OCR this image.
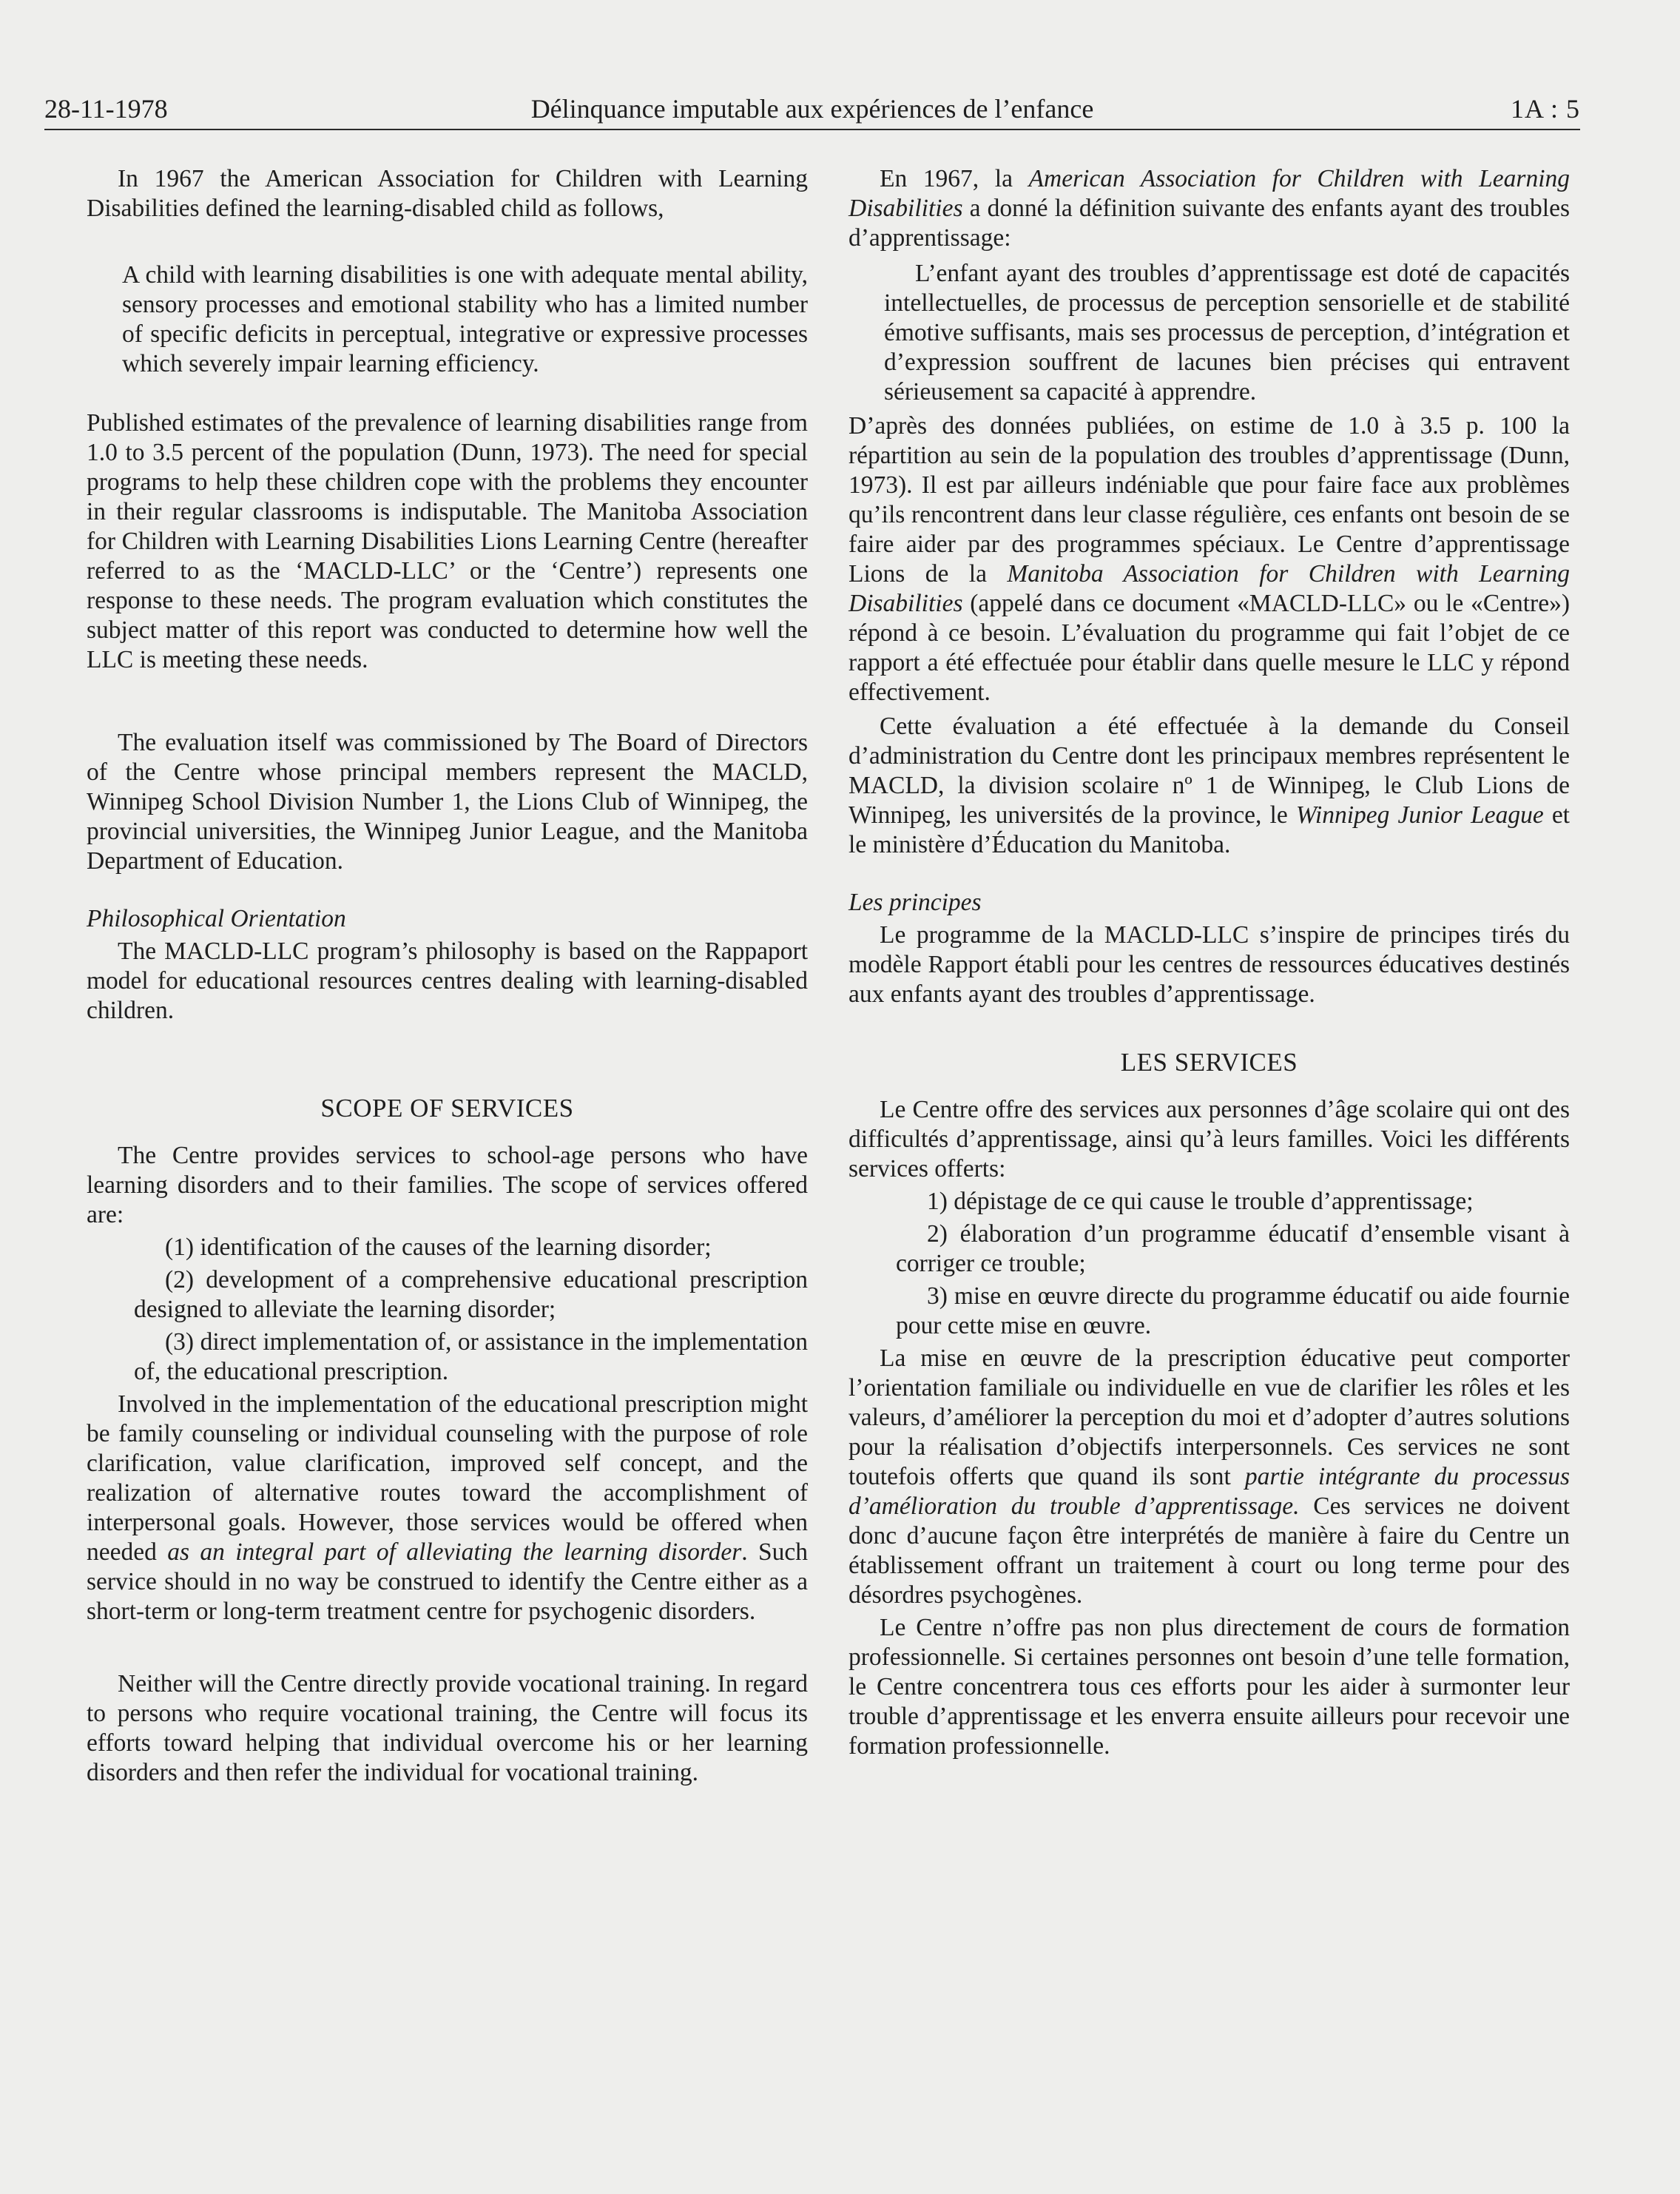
Délinquance imputable aux expériences de l’enfance
28-11-1978	1A : 5

In 1967 the American Association for Children with Learning Disabilities defined the learning-disabled child as follows,

A child with learning disabilities is one with adequate mental ability, sensory processes and emotional stability who has a limited number of specific deficits in perceptual, integrative or expressive processes which severely impair learning efficiency.

Published estimates of the prevalence of learning disabilities range from 1.0 to 3.5 percent of the population (Dunn, 1973). The need for special programs to help these children cope with the problems they encounter in their regular classrooms is indisputable. The Manitoba Association for Children with Learning Disabilities Lions Learning Centre (hereafter referred to as the ‘MACLD-LLC’ or the ‘Centre’) represents one response to these needs. The program evaluation which constitutes the subject matter of this report was conducted to determine how well the LLC is meeting these needs.

The evaluation itself was commissioned by The Board of Directors of the Centre whose principal members represent the MACLD, Winnipeg School Division Number 1, the Lions Club of Winnipeg, the provincial universities, the Winnipeg Junior League, and the Manitoba Department of Education.

Philosophical Orientation

The MACLD-LLC program’s philosophy is based on the Rappaport model for educational resources centres dealing with learning-disabled children.

SCOPE OF SERVICES

The Centre provides services to school-age persons who have learning disorders and to their families. The scope of services offered are:

(1) identification of the causes of the learning disorder;

(2) development of a comprehensive educational prescription designed to alleviate the learning disorder;

(3) direct implementation of, or assistance in the implementation of, the educational prescription.

Involved in the implementation of the educational prescription might be family counseling or individual counseling with the purpose of role clarification, value clarification, improved self concept, and the realization of alternative routes toward the accomplishment of interpersonal goals. However, those services would be offered when needed as an integral part of alleviating the learning disorder. Such service should in no way be construed to identify the Centre either as a short-term or long-term treatment centre for psychogenic disorders.

Neither will the Centre directly provide vocational training. In regard to persons who require vocational training, the Centre will focus its efforts toward helping that individual overcome his or her learning disorders and then refer the individual for vocational training.

En 1967, la American Association for Children with Learning Disabilities a donné la définition suivante des enfants ayant des troubles d’apprentissage:

L’enfant ayant des troubles d’apprentissage est doté de capacités intellectuelles, de processus de perception sensorielle et de stabilité émotive suffisants, mais ses processus de perception, d’intégration et d’expression souffrent de lacunes bien précises qui entravent sérieusement sa capacité à apprendre.

D’après des données publiées, on estime de 1.0 à 3.5 p. 100 la répartition au sein de la population des troubles d’apprentissage (Dunn, 1973). Il est par ailleurs indéniable que pour faire face aux problèmes qu’ils rencontrent dans leur classe régulière, ces enfants ont besoin de se faire aider par des programmes spéciaux. Le Centre d’apprentissage Lions de la Manitoba Association for Children with Learning Disabilities (appelé dans ce document «MACLD-LLC» ou le «Centre») répond à ce besoin. L’évaluation du programme qui fait l’objet de ce rapport a été effectuée pour établir dans quelle mesure le LLC y répond effectivement.

Cette évaluation a été effectuée à la demande du Conseil d’administration du Centre dont les principaux membres représentent le MACLD, la division scolaire nº 1 de Winnipeg, le Club Lions de Winnipeg, les universités de la province, le Winnipeg Junior League et le ministère d’Éducation du Manitoba.

Les principes

Le programme de la MACLD-LLC s’inspire de principes tirés du modèle Rapport établi pour les centres de ressources éducatives destinés aux enfants ayant des troubles d’apprentissage.

LES SERVICES

Le Centre offre des services aux personnes d’âge scolaire qui ont des difficultés d’apprentissage, ainsi qu’à leurs familles. Voici les différents services offerts:

1) dépistage de ce qui cause le trouble d’apprentissage;

2) élaboration d’un programme éducatif d’ensemble visant à corriger ce trouble;

3) mise en œuvre directe du programme éducatif ou aide fournie pour cette mise en œuvre.

La mise en œuvre de la prescription éducative peut comporter l’orientation familiale ou individuelle en vue de clarifier les rôles et les valeurs, d’améliorer la perception du moi et d’adopter d’autres solutions pour la réalisation d’objectifs interpersonnels. Ces services ne sont toutefois offerts que quand ils sont partie intégrante du processus d’amélioration du trouble d’apprentissage. Ces services ne doivent donc d’aucune façon être interprétés de manière à faire du Centre un établissement offrant un traitement à court ou long terme pour des désordres psychogènes.

Le Centre n’offre pas non plus directement de cours de formation professionnelle. Si certaines personnes ont besoin d’une telle formation, le Centre concentrera tous ces efforts pour les aider à surmonter leur trouble d’apprentissage et les enverra ensuite ailleurs pour recevoir une formation professionnelle.
